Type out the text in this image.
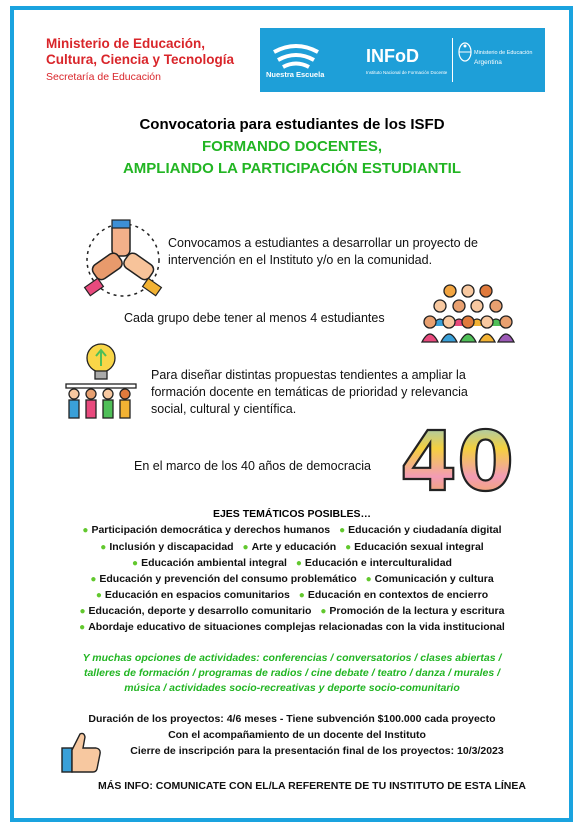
Ministerio de Educación,
Cultura, Ciencia y Tecnología
Secretaría de Educación	Nuestra Escuela
INFoD
Instituto Nacional de Formación Docente
Ministerio de Educación
Argentina
Convocatoria para estudiantes de los ISFD
FORMANDO DOCENTES,
AMPLIANDO LA PARTICIPACIÓN ESTUDIANTIL
Convocamos a estudiantes a desarrollar un proyecto de
intervención en el Instituto y/o en la comunidad.
Cada grupo debe tener al menos 4 estudiantes
Para diseñar distintas propuestas tendientes a ampliar la
formación docente en temáticas de prioridad y relevancia
social, cultural y científica.
En el marco de los 40 años de democracia 40
EJES TEMÁTICOS POSIBLES…
● Participación democrática y derechos humanos ● Educación y ciudadanía digital
● Inclusión y discapacidad ● Arte y educación ● Educación sexual integral
● Educación ambiental integral ● Educación e interculturalidad
● Educación y prevención del consumo problemático ● Comunicación y cultura
● Educación en espacios comunitarios ● Educación en contextos de encierro
● Educación, deporte y desarrollo comunitario ● Promoción de la lectura y escritura
● Abordaje educativo de situaciones complejas relacionadas con la vida institucional
Y muchas opciones de actividades: conferencias / conversatorios / clases abiertas /
talleres de formación / programas de radios / cine debate / teatro / danza / murales /
música / actividades socio-recreativas y deporte socio-comunitario
Duración de los proyectos: 4/6 meses - Tiene subvención $100.000 cada proyecto
Con el acompañamiento de un docente del Instituto
Cierre de inscripción para la presentación final de los proyectos: 10/3/2023
MÁS INFO: COMUNICATE CON EL/LA REFERENTE DE TU INSTITUTO DE ESTA LÍNEA
